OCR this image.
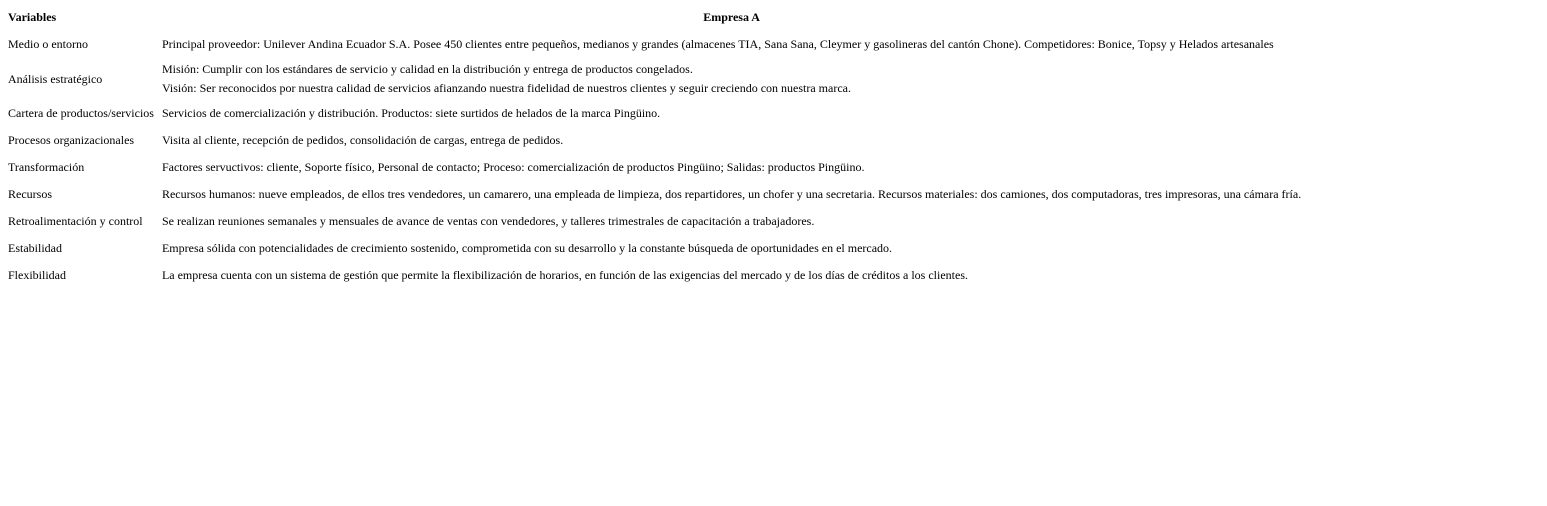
Variables	Empresa A
Medio o entorno	Principal proveedor: Unilever Andina Ecuador S.A. Posee 450 clientes entre pequeños, medianos y grandes (almacenes TIA, Sana Sana, Cleymer y gasolineras del cantón Chone). Competidores: Bonice, Topsy y Helados artesanales

Análisis estratégico	Misión: Cumplir con los estándares de servicio y calidad en la distribución y entrega de productos congelados.
Visión: Ser reconocidos por nuestra calidad de servicios afianzando nuestra fidelidad de nuestros clientes y seguir creciendo con nuestra marca.

Cartera de productos/servicios	Servicios de comercialización y distribución. Productos: siete surtidos de helados de la marca Pingüino.

Procesos organizacionales	Visita al cliente, recepción de pedidos, consolidación de cargas, entrega de pedidos.

Transformación	Factores servuctivos: cliente, Soporte físico, Personal de contacto; Proceso: comercialización de productos Pingüino; Salidas: productos Pingüino.

Recursos	Recursos humanos: nueve empleados, de ellos tres vendedores, un camarero, una empleada de limpieza, dos repartidores, un chofer y una secretaria. Recursos materiales: dos camiones, dos computadoras, tres impresoras, una cámara fría.

Retroalimentación y control	Se realizan reuniones semanales y mensuales de avance de ventas con vendedores, y talleres trimestrales de capacitación a trabajadores.

Estabilidad	Empresa sólida con potencialidades de crecimiento sostenido, comprometida con su desarrollo y la constante búsqueda de oportunidades en el mercado.

Flexibilidad	La empresa cuenta con un sistema de gestión que permite la flexibilización de horarios, en función de las exigencias del mercado y de los días de créditos a los clientes.
